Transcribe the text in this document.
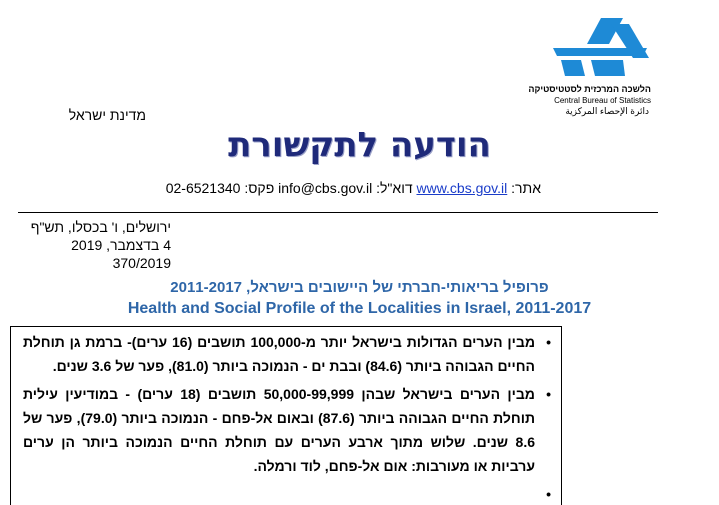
הלשכה המרכזית לסטטיסטיקה
Central Bureau of Statistics
دائرة الإحصاء المركزية
מדינת ישראל
הודעה לתקשורת
אתר: www.cbs.gov.il דוא"ל: info@cbs.gov.il פקס: 02-6521340
ירושלים, ו' בכסלו, תש"ף
4 בדצמבר, 2019
370/2019
פרופיל בריאותי-חברתי של היישובים בישראל, 2011-2017
Health and Social Profile of the Localities in Israel, 2011-2017
•
מבין הערים הגדולות בישראל יותר מ-100,000 תושבים (16 ערים)- ברמת גן תוחלת החיים הגבוהה ביותר (84.6) ובבת ים - הנמוכה ביותר (81.0), פער של 3.6 שנים.
•
מבין הערים בישראל שבהן 50,000-99,999 תושבים (18 ערים) - במודיעין עילית תוחלת החיים הגבוהה ביותר (87.6) ובאום אל-פחם - הנמוכה ביותר (79.0), פער של 8.6 שנים. שלוש מתוך ארבע הערים עם תוחלת החיים הנמוכה ביותר הן ערים ערביות או מעורבות: אום אל-פחם, לוד ורמלה.
•
